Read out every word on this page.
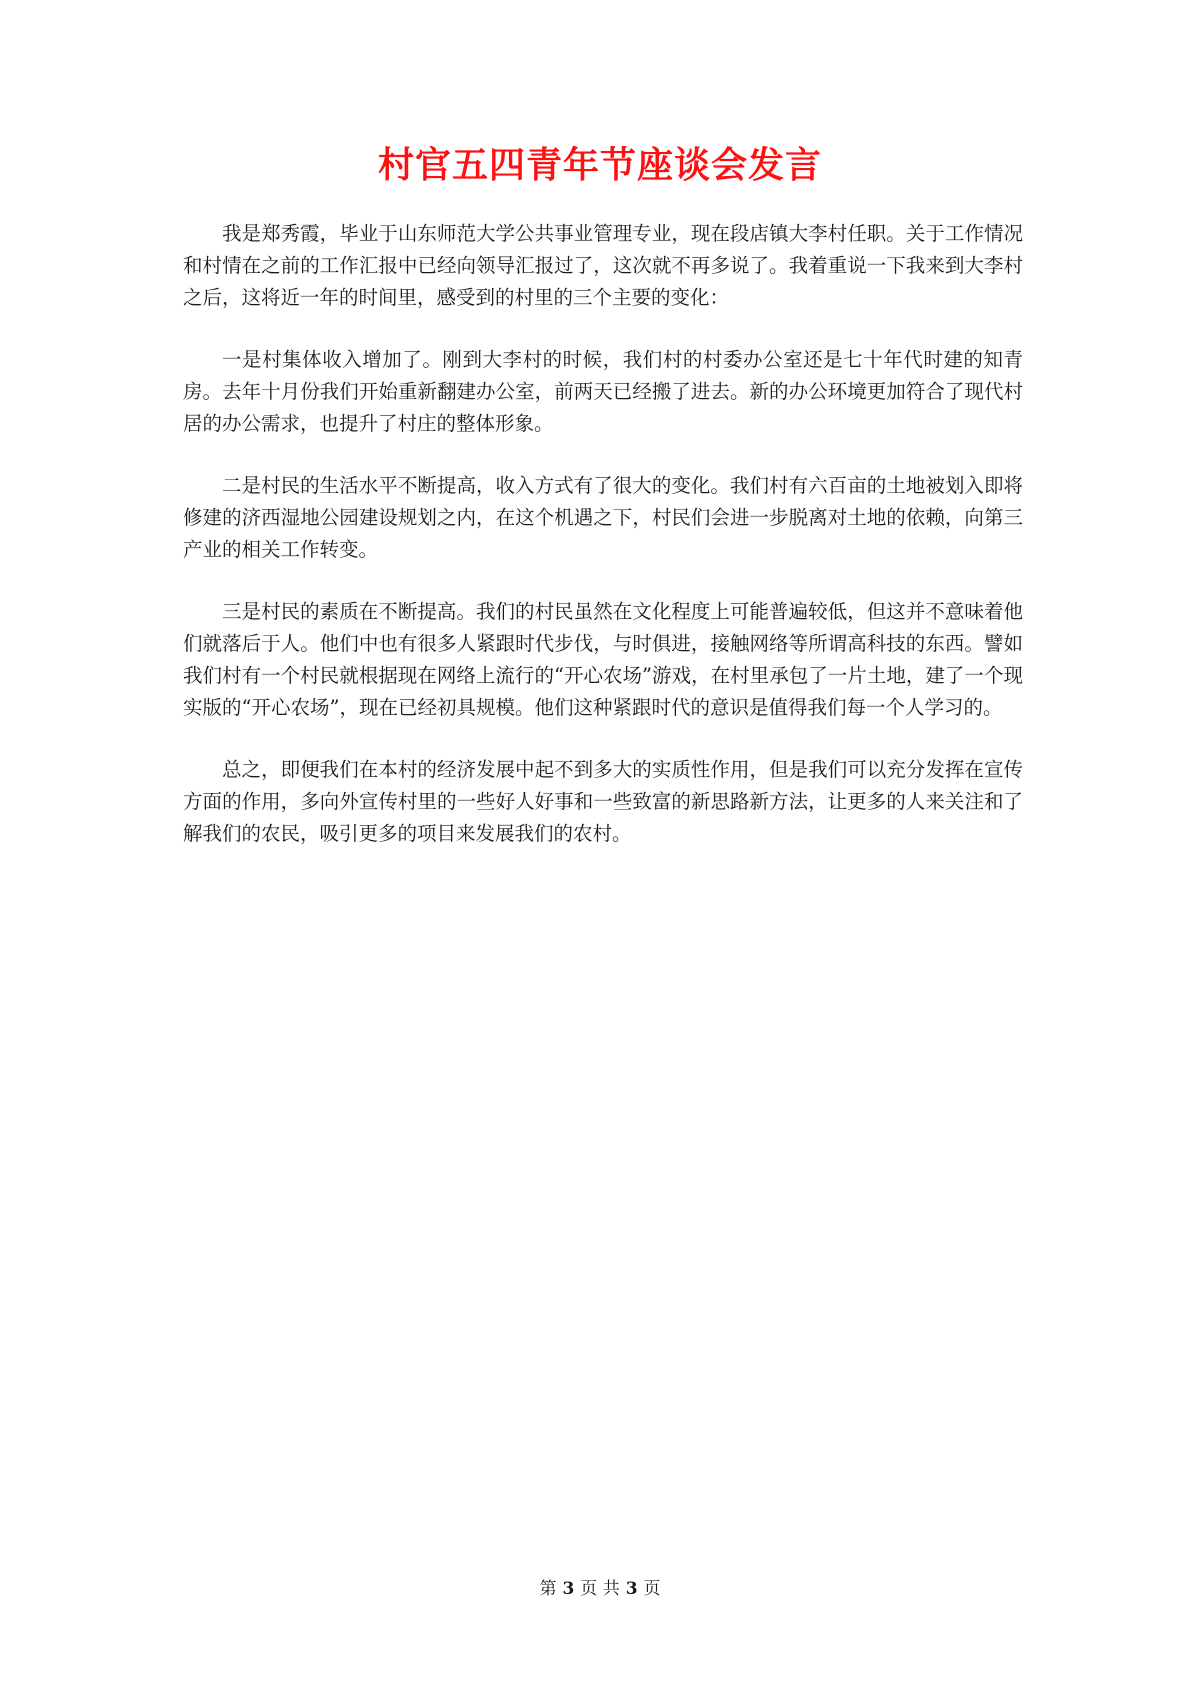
村官五四青年节座谈会发言

我是郑秀霞，毕业于山东师范大学公共事业管理专业，现在段店镇大李村任职。关于工作情况和村情在之前的工作汇报中已经向领导汇报过了，这次就不再多说了。我着重说一下我来到大李村之后，这将近一年的时间里，感受到的村里的三个主要的变化：

一是村集体收入增加了。刚到大李村的时候，我们村的村委办公室还是七十年代时建的知青房。去年十月份我们开始重新翻建办公室，前两天已经搬了进去。新的办公环境更加符合了现代村居的办公需求，也提升了村庄的整体形象。

二是村民的生活水平不断提高，收入方式有了很大的变化。我们村有六百亩的土地被划入即将修建的济西湿地公园建设规划之内，在这个机遇之下，村民们会进一步脱离对土地的依赖，向第三产业的相关工作转变。

三是村民的素质在不断提高。我们的村民虽然在文化程度上可能普遍较低，但这并不意味着他们就落后于人。他们中也有很多人紧跟时代步伐，与时俱进，接触网络等所谓高科技的东西。譬如我们村有一个村民就根据现在网络上流行的“开心农场”游戏，在村里承包了一片土地，建了一个现实版的“开心农场”，现在已经初具规模。他们这种紧跟时代的意识是值得我们每一个人学习的。

总之，即便我们在本村的经济发展中起不到多大的实质性作用，但是我们可以充分发挥在宣传方面的作用，多向外宣传村里的一些好人好事和一些致富的新思路新方法，让更多的人来关注和了解我们的农民，吸引更多的项目来发展我们的农村。

第 3 页 共 3 页
